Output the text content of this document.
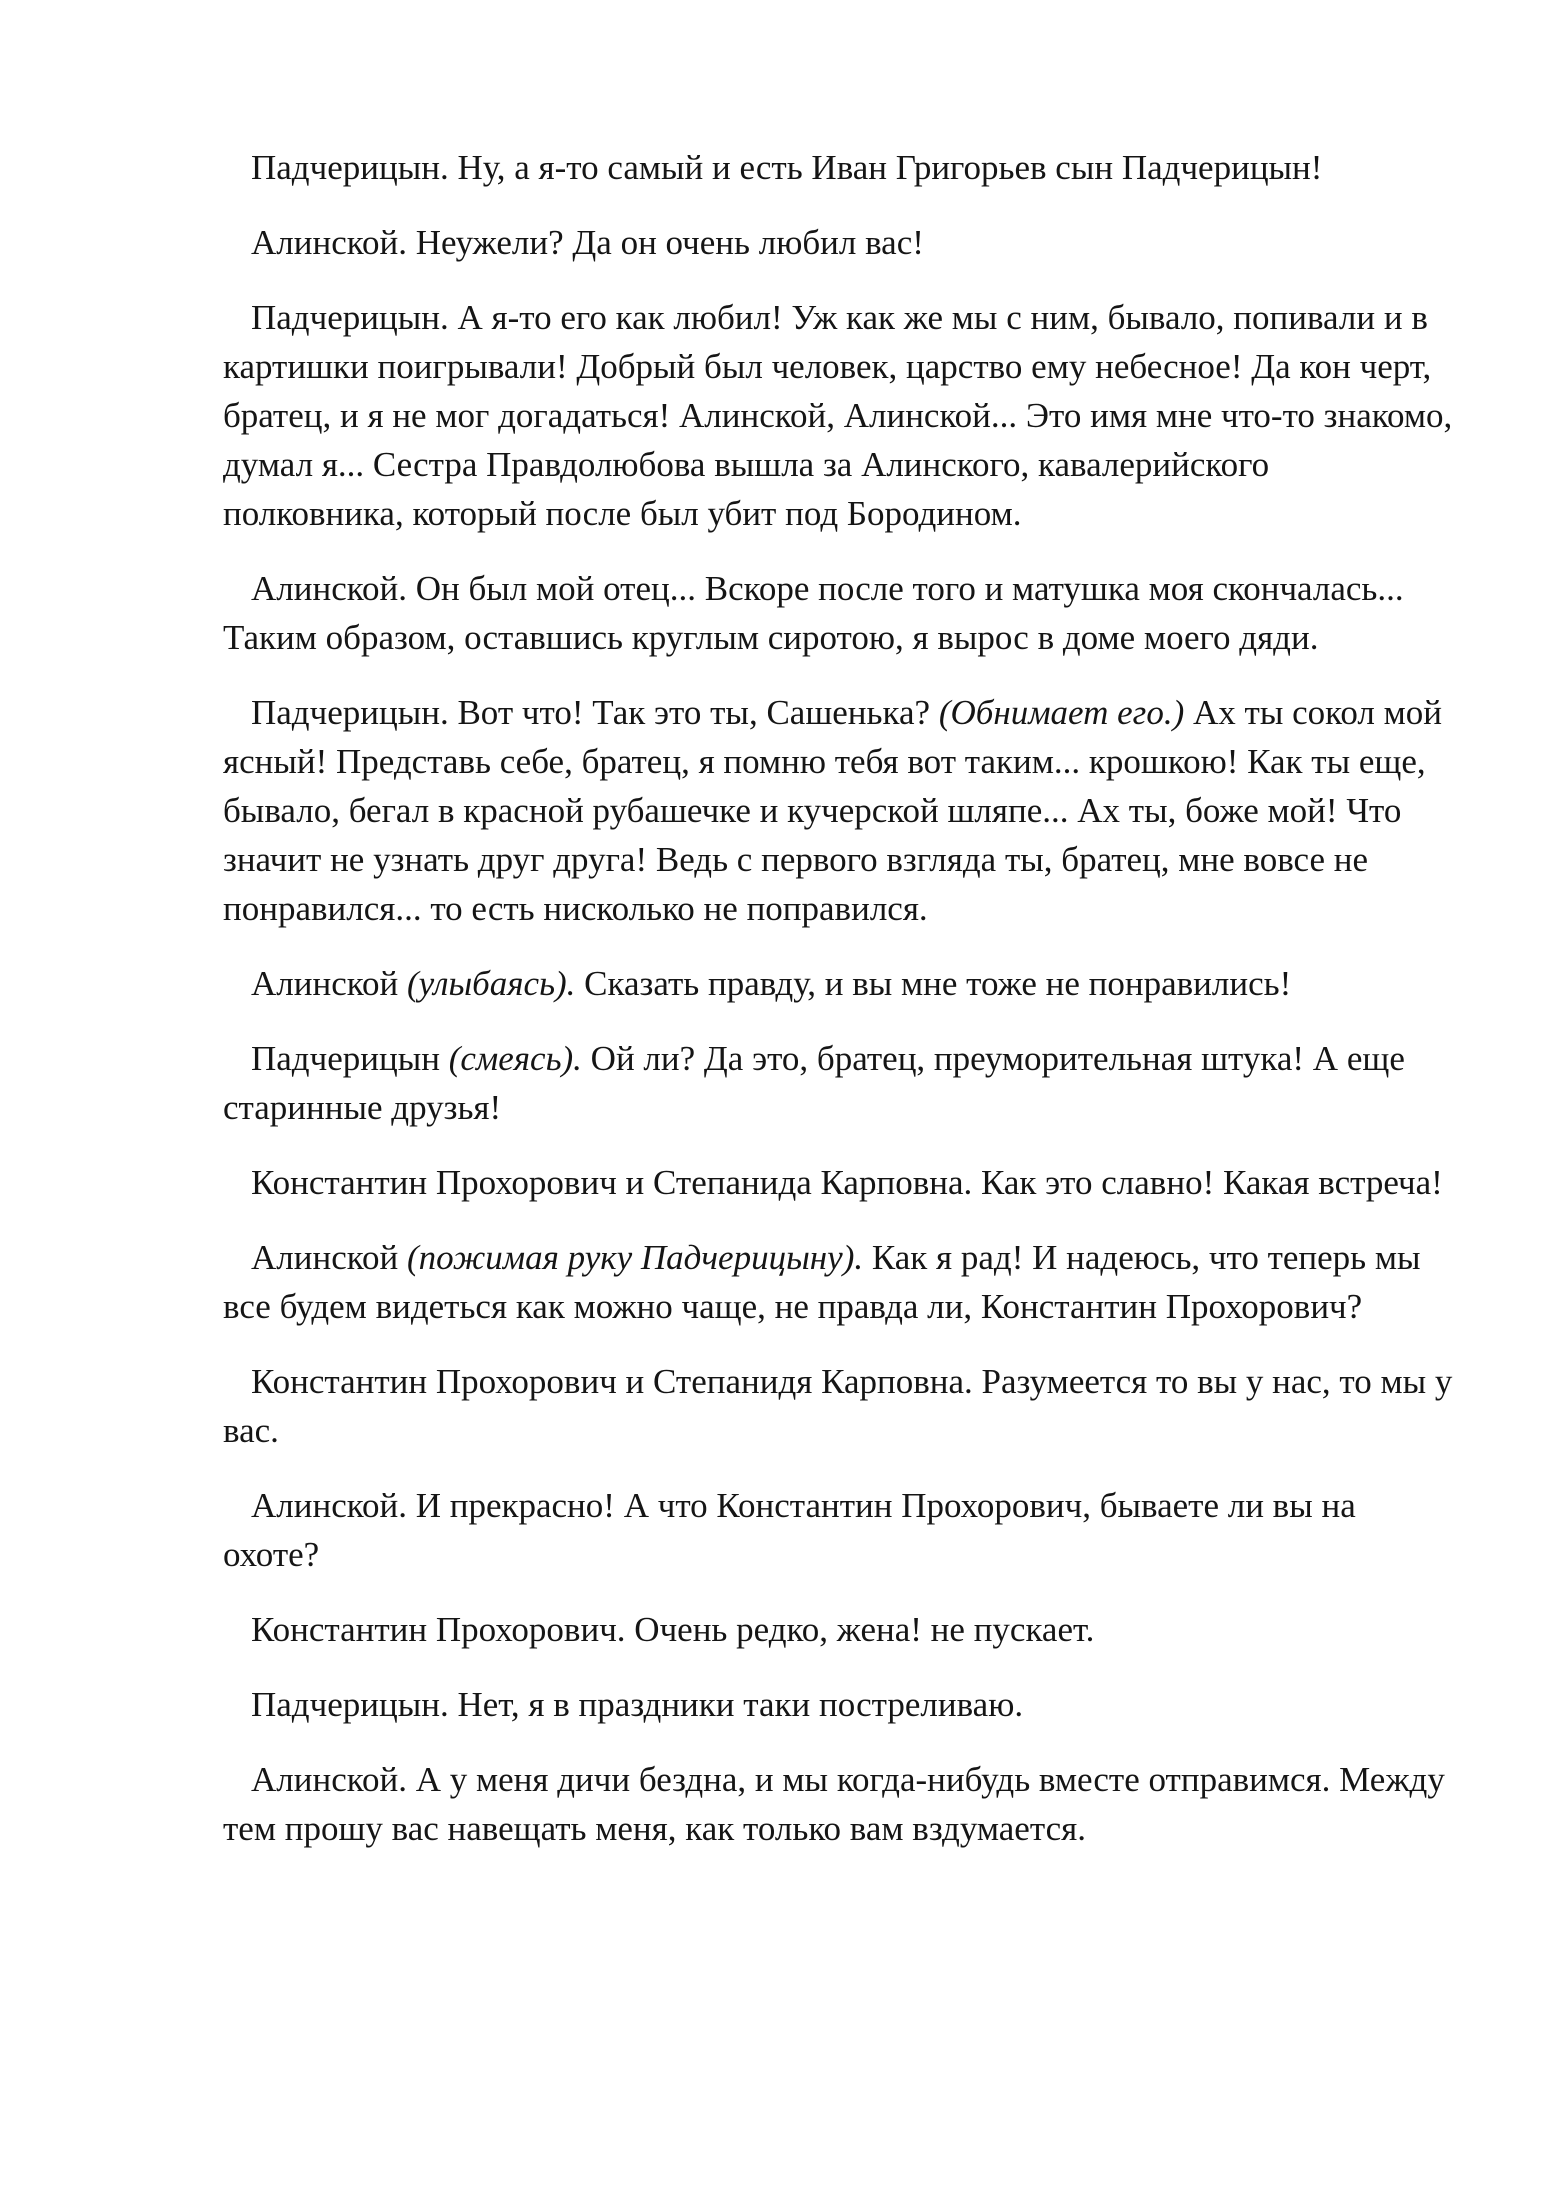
Падчерицын. Ну, а я-то самый и есть Иван Григорьев сын Падчерицын!

Алинской. Неужели? Да он очень любил вас!

Падчерицын. А я-то его как любил! Уж как же мы с ним, бывало, попивали и в картишки поигрывали! Добрый был человек, царство ему небесное! Да кон черт, братец, и я не мог догадаться! Алинской, Алинской... Это имя мне что-то знакомо, думал я... Сестра Правдолюбова вышла за Алинского, кавалерийского полковника, который после был убит под Бородином.

Алинской. Он был мой отец... Вскоре после того и матушка моя скончалась... Таким образом, оставшись круглым сиротою, я вырос в доме моего дяди.

Падчерицын. Вот что! Так это ты, Сашенька? (Обнимает его.) Ах ты сокол мой ясный! Представь себе, братец, я помню тебя вот таким... крошкою! Как ты еще, бывало, бегал в красной рубашечке и кучерской шляпе... Ах ты, боже мой! Что значит не узнать друг друга! Ведь с первого взгляда ты, братец, мне вовсе не понравился... то есть нисколько не поправился.

Алинской (улыбаясь). Сказать правду, и вы мне тоже не понравились!

Падчерицын (смеясь). Ой ли? Да это, братец, преуморительная штука! А еще старинные друзья!

Константин Прохорович и Степанида Карповна. Как это славно! Какая встреча!

Алинской (пожимая руку Падчерицыну). Как я рад! И надеюсь, что теперь мы все будем видеться как можно чаще, не правда ли, Константин Прохорович?

Константин Прохорович и Степанидя Карповна. Разумеется то вы у нас, то мы у вас.

Алинской. И прекрасно! А что Константин Прохорович, бываете ли вы на охоте?

Константин Прохорович. Очень редко, жена! не пускает.

Падчерицын. Нет, я в праздники таки постреливаю.

Алинской. А у меня дичи бездна, и мы когда-нибудь вместе отправимся. Между тем прошу вас навещать меня, как только вам вздумается.
